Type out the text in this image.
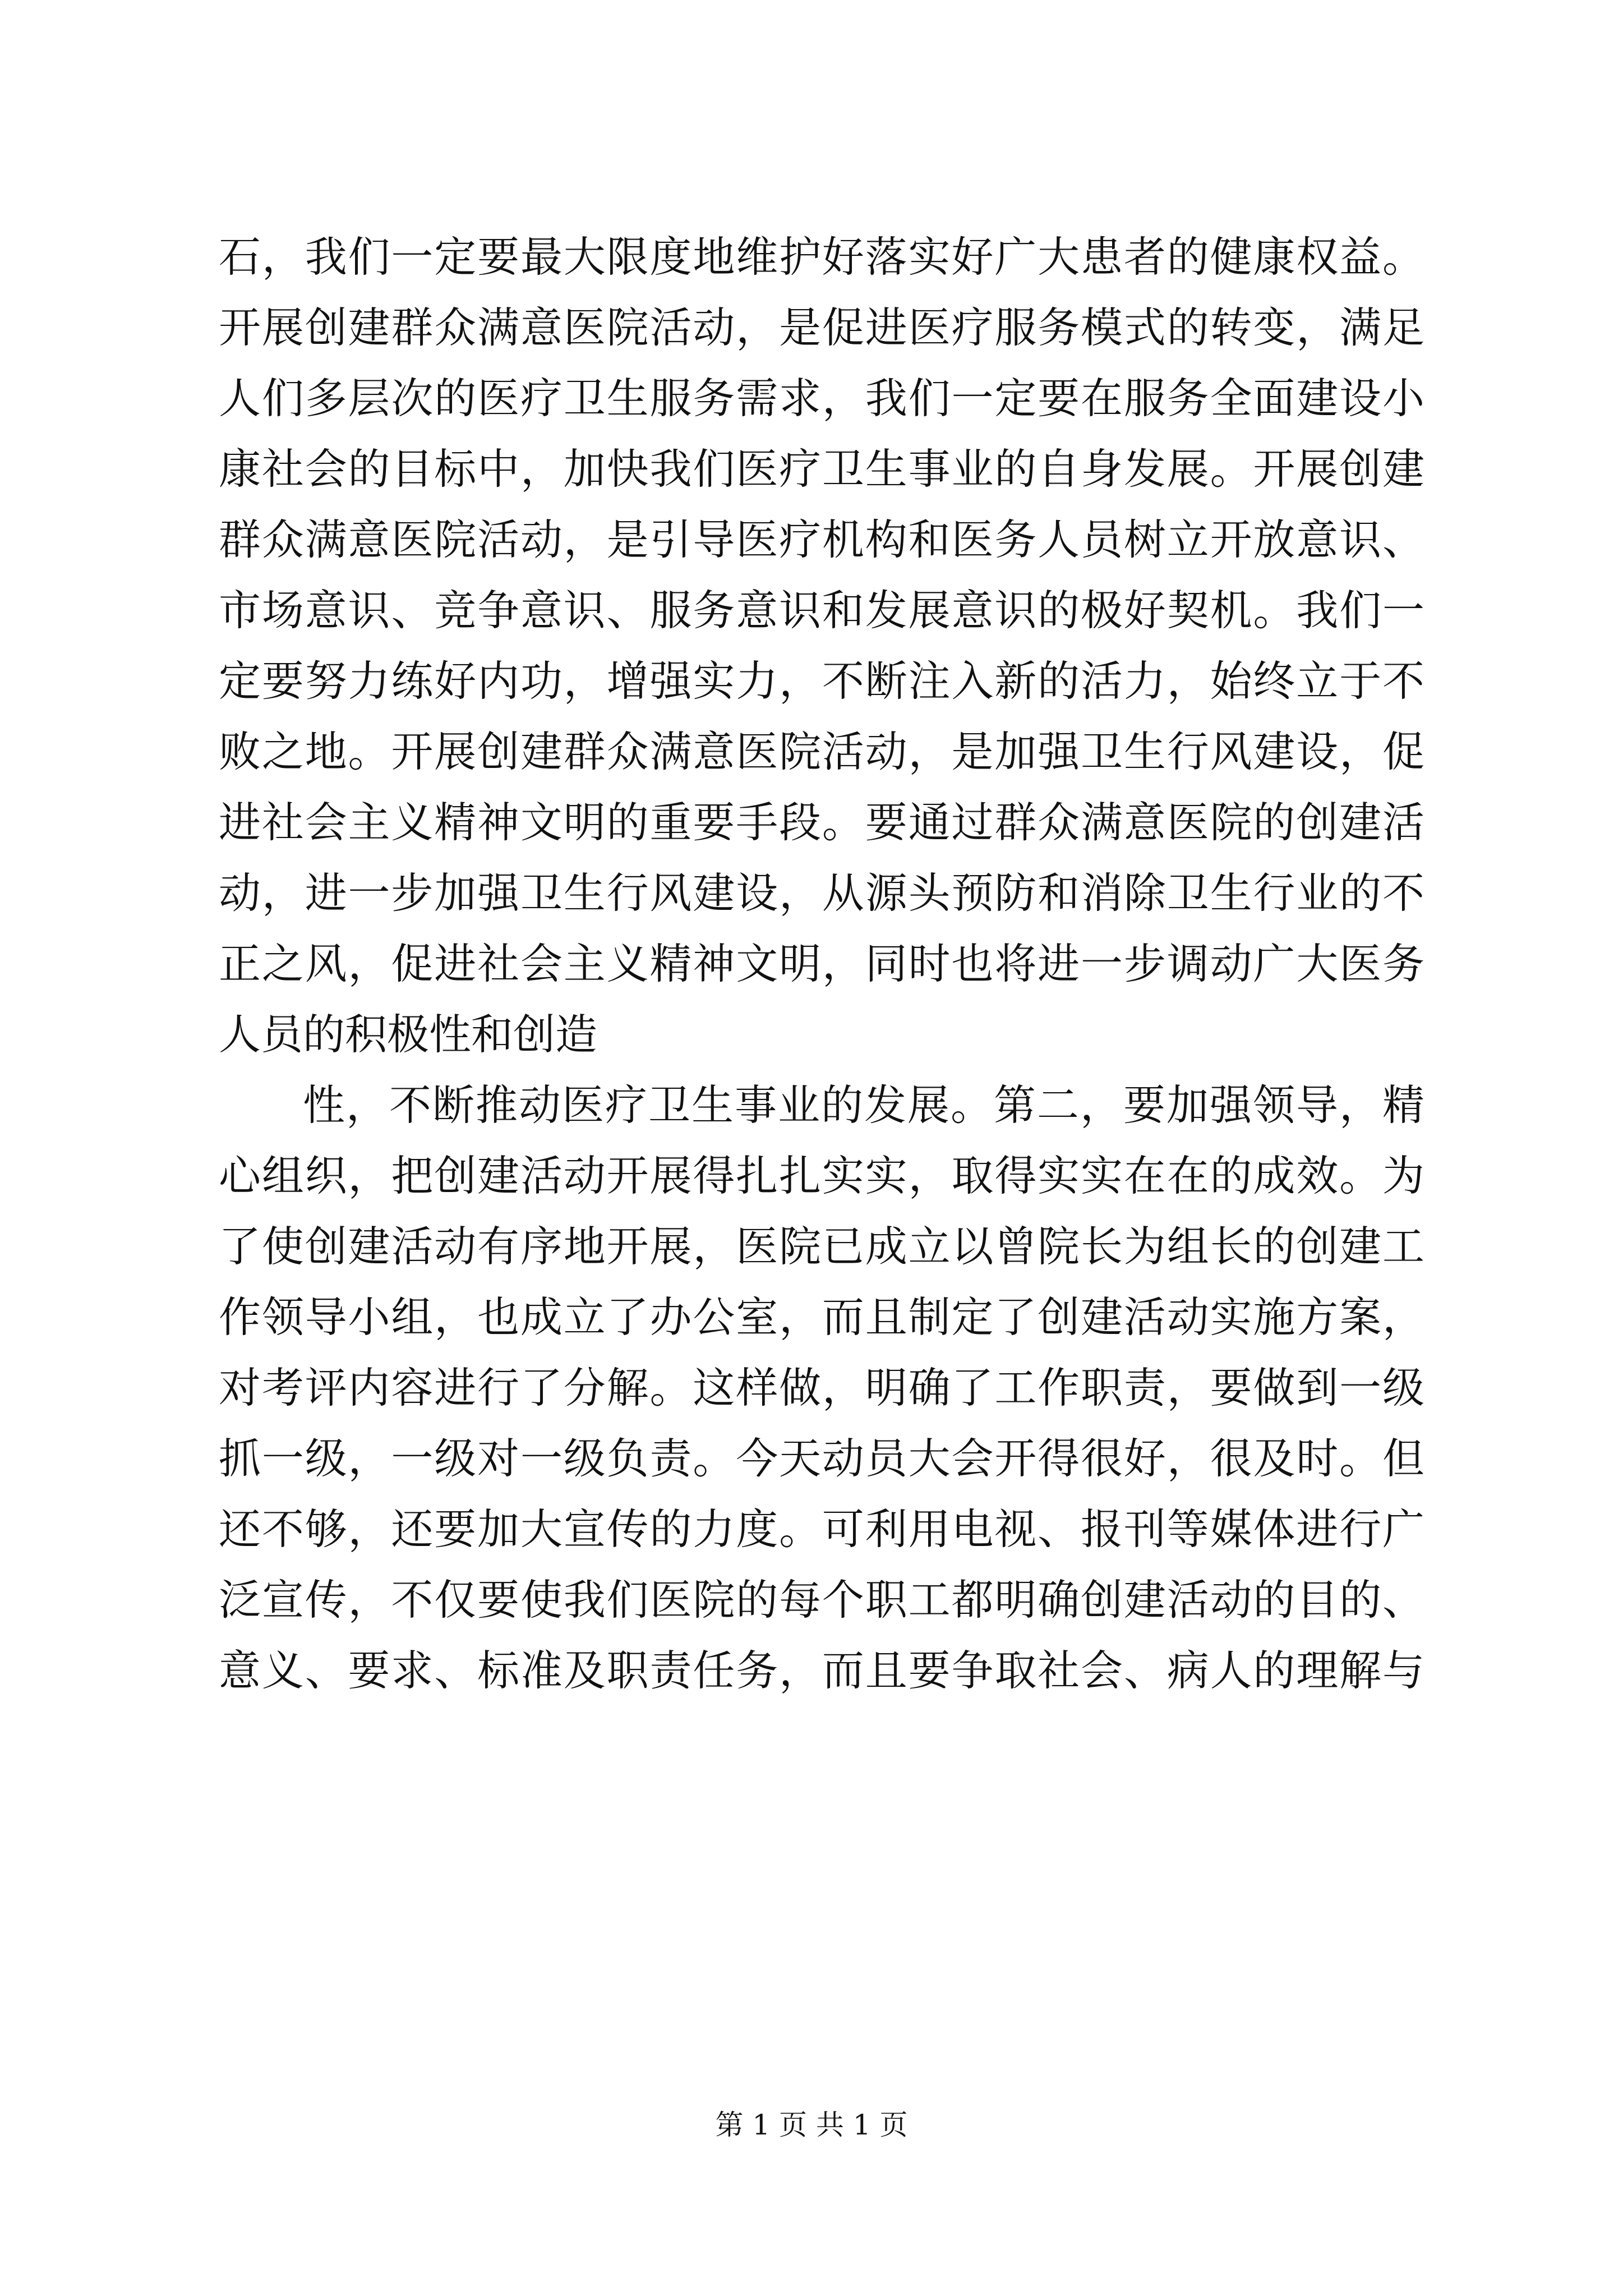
石，我们一定要最大限度地维护好落实好广大患者的健康权益。
开展创建群众满意医院活动，是促进医疗服务模式的转变，满足
人们多层次的医疗卫生服务需求，我们一定要在服务全面建设小
康社会的目标中，加快我们医疗卫生事业的自身发展。开展创建
群众满意医院活动，是引导医疗机构和医务人员树立开放意识、
市场意识、竞争意识、服务意识和发展意识的极好契机。我们一
定要努力练好内功，增强实力，不断注入新的活力，始终立于不
败之地。开展创建群众满意医院活动，是加强卫生行风建设，促
进社会主义精神文明的重要手段。要通过群众满意医院的创建活
动，进一步加强卫生行风建设，从源头预防和消除卫生行业的不
正之风，促进社会主义精神文明，同时也将进一步调动广大医务
人员的积极性和创造
性，不断推动医疗卫生事业的发展。第二，要加强领导，精
心组织，把创建活动开展得扎扎实实，取得实实在在的成效。为
了使创建活动有序地开展，医院已成立以曾院长为组长的创建工
作领导小组，也成立了办公室，而且制定了创建活动实施方案，
对考评内容进行了分解。这样做，明确了工作职责，要做到一级
抓一级，一级对一级负责。今天动员大会开得很好，很及时。但
还不够，还要加大宣传的力度。可利用电视、报刊等媒体进行广
泛宣传，不仅要使我们医院的每个职工都明确创建活动的目的、
意义、要求、标准及职责任务，而且要争取社会、病人的理解与
第 1 页 共 1 页
